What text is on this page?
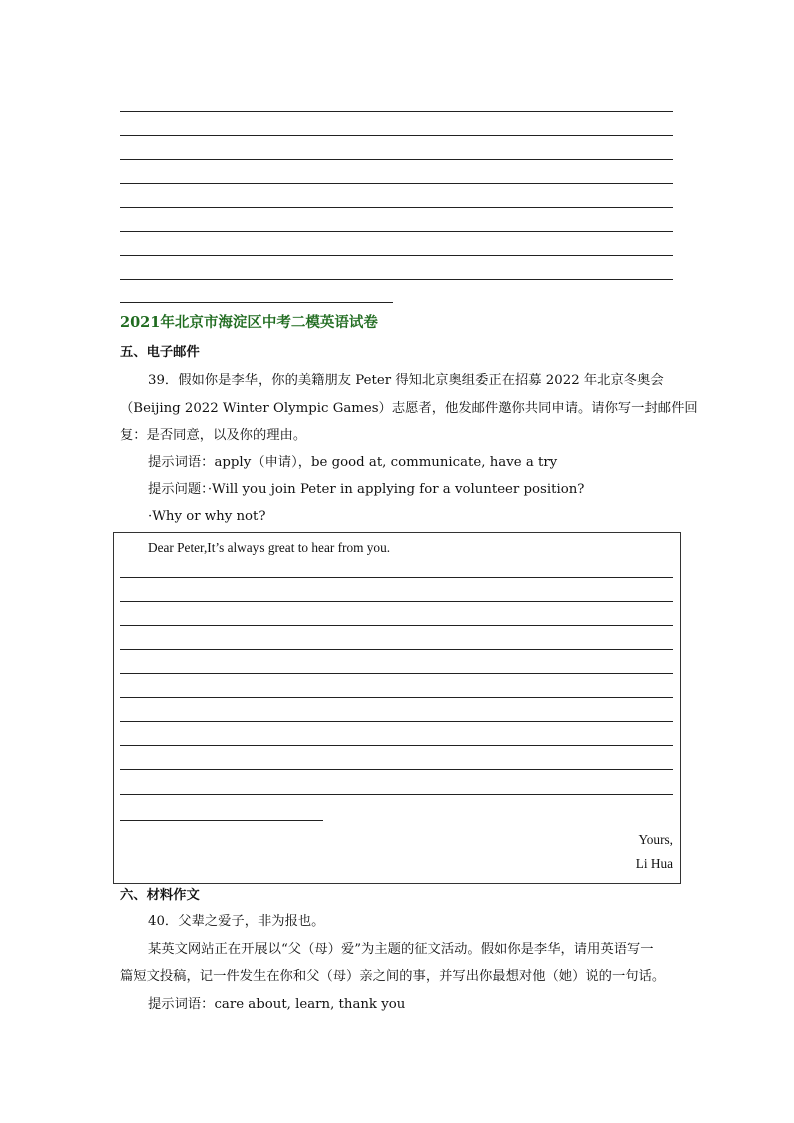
2021年北京市海淀区中考二模英语试卷
五、电子邮件
39．假如你是李华，你的美籍朋友 Peter 得知北京奥组委正在招募 2022 年北京冬奥会
（Beijing 2022 Winter Olympic Games）志愿者，他发邮件邀你共同申请。请你写一封邮件回
复：是否同意，以及你的理由。
提示词语：apply（申请），be good at, communicate, have a try
提示问题：·Will you join Peter in applying for a volunteer position?
·Why or why not?
Dear Peter,It’s always great to hear from you.
Yours,
Li Hua
六、材料作文
40．父辈之爱子，非为报也。
某英文网站正在开展以“父（母）爱”为主题的征文活动。假如你是李华，请用英语写一
篇短文投稿，记一件发生在你和父（母）亲之间的事，并写出你最想对他（她）说的一句话。
提示词语：care about, learn, thank you
